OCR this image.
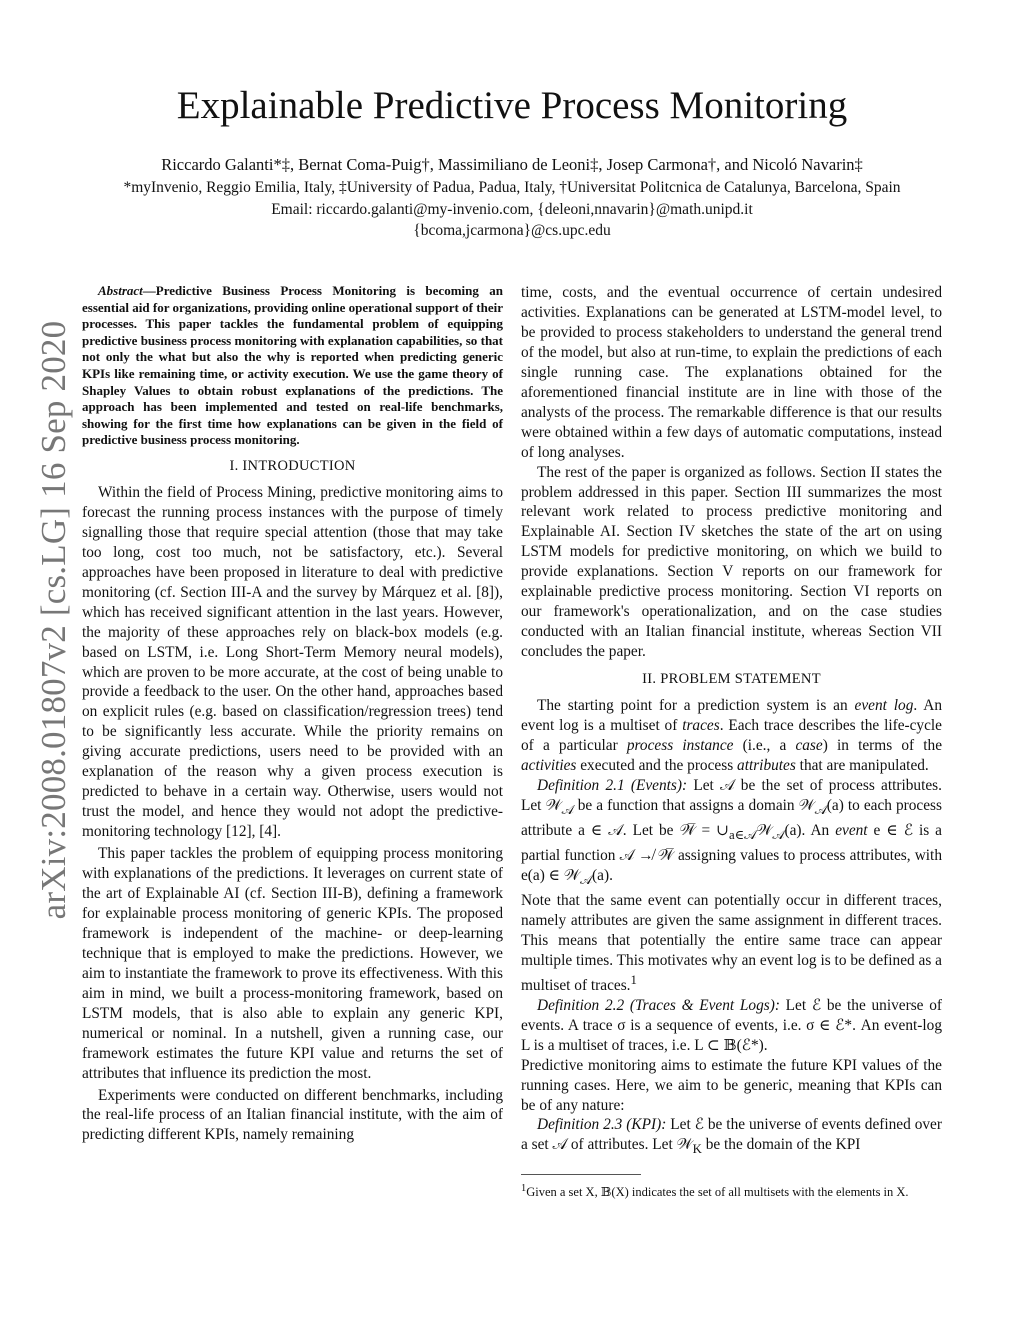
Explainable Predictive Process Monitoring
Riccardo Galanti*‡, Bernat Coma-Puig†, Massimiliano de Leoni‡, Josep Carmona†, and Nicoló Navarin‡
*myInvenio, Reggio Emilia, Italy, ‡University of Padua, Padua, Italy, †Universitat Politcnica de Catalunya, Barcelona, Spain
Email: riccardo.galanti@my-invenio.com, {deleoni,nnavarin}@math.unipd.it
{bcoma,jcarmona}@cs.upc.edu
arXiv:2008.01807v2 [cs.LG] 16 Sep 2020
Abstract—Predictive Business Process Monitoring is becoming an essential aid for organizations, providing online operational support of their processes. This paper tackles the fundamental problem of equipping predictive business process monitoring with explanation capabilities, so that not only the what but also the why is reported when predicting generic KPIs like remaining time, or activity execution. We use the game theory of Shapley Values to obtain robust explanations of the predictions. The approach has been implemented and tested on real-life benchmarks, showing for the first time how explanations can be given in the field of predictive business process monitoring.
I. INTRODUCTION

Within the field of Process Mining, predictive monitoring aims to forecast the running process instances with the purpose of timely signalling those that require special attention (those that may take too long, cost too much, not be satisfactory, etc.). Several approaches have been proposed in literature to deal with predictive monitoring (cf. Section III-A and the survey by Márquez et al. [8]), which has received significant attention in the last years. However, the majority of these approaches rely on black-box models (e.g. based on LSTM, i.e. Long Short-Term Memory neural models), which are proven to be more accurate, at the cost of being unable to provide a feedback to the user. On the other hand, approaches based on explicit rules (e.g. based on classification/regression trees) tend to be significantly less accurate. While the priority remains on giving accurate predictions, users need to be provided with an explanation of the reason why a given process execution is predicted to behave in a certain way. Otherwise, users would not trust the model, and hence they would not adopt the predictive-monitoring technology [12], [4].

This paper tackles the problem of equipping process monitoring with explanations of the predictions. It leverages on current state of the art of Explainable AI (cf. Section III-B), defining a framework for explainable process monitoring of generic KPIs. The proposed framework is independent of the machine- or deep-learning technique that is employed to make the predictions. However, we aim to instantiate the framework to prove its effectiveness. With this aim in mind, we built a process-monitoring framework, based on LSTM models, that is also able to explain any generic KPI, numerical or nominal. In a nutshell, given a running case, our framework estimates the future KPI value and returns the set of attributes that influence its prediction the most.

Experiments were conducted on different benchmarks, including the real-life process of an Italian financial institute, with the aim of predicting different KPIs, namely remaining

time, costs, and the eventual occurrence of certain undesired activities. Explanations can be generated at LSTM-model level, to be provided to process stakeholders to understand the general trend of the model, but also at run-time, to explain the predictions of each single running case. The explanations obtained for the aforementioned financial institute are in line with those of the analysts of the process. The remarkable difference is that our results were obtained within a few days of automatic computations, instead of long analyses.

The rest of the paper is organized as follows. Section II states the problem addressed in this paper. Section III summarizes the most relevant work related to process predictive monitoring and Explainable AI. Section IV sketches the state of the art on using LSTM models for predictive monitoring, on which we build to provide explanations. Section V reports on our framework for explainable predictive process monitoring. Section VI reports on our framework's operationalization, and on the case studies conducted with an Italian financial institute, whereas Section VII concludes the paper.

II. PROBLEM STATEMENT

The starting point for a prediction system is an event log. An event log is a multiset of traces. Each trace describes the life-cycle of a particular process instance (i.e., a case) in terms of the activities executed and the process attributes that are manipulated.

Definition 2.1 (Events): Let 𝒜 be the set of process attributes. Let 𝒲$_𝒜$ be a function that assigns a domain 𝒲$_𝒜$(a) to each process attribute a ∈ 𝒜. Let be 𝒲̅ = $\cup_{a\in 𝒜}𝒲_𝒜(a)$. An event e ∈ ℰ is a partial function 𝒜 ↛ 𝒲̅ assigning values to process attributes, with e(a) ∈ 𝒲$_𝒜$(a).

Note that the same event can potentially occur in different traces, namely attributes are given the same assignment in different traces. This means that potentially the entire same trace can appear multiple times. This motivates why an event log is to be defined as a multiset of traces.$^1$

Definition 2.2 (Traces & Event Logs): Let ℰ be the universe of events. A trace σ is a sequence of events, i.e. σ ∈ ℰ*. An event-log L is a multiset of traces, i.e. L ⊂ 𝔹(ℰ*).

Predictive monitoring aims to estimate the future KPI values of the running cases. Here, we aim to be generic, meaning that KPIs can be of any nature:

Definition 2.3 (KPI): Let ℰ be the universe of events defined over a set 𝒜 of attributes. Let 𝒲$_K$ be the domain of the KPI

$^1$Given a set X, 𝔹(X) indicates the set of all multisets with the elements in X.
